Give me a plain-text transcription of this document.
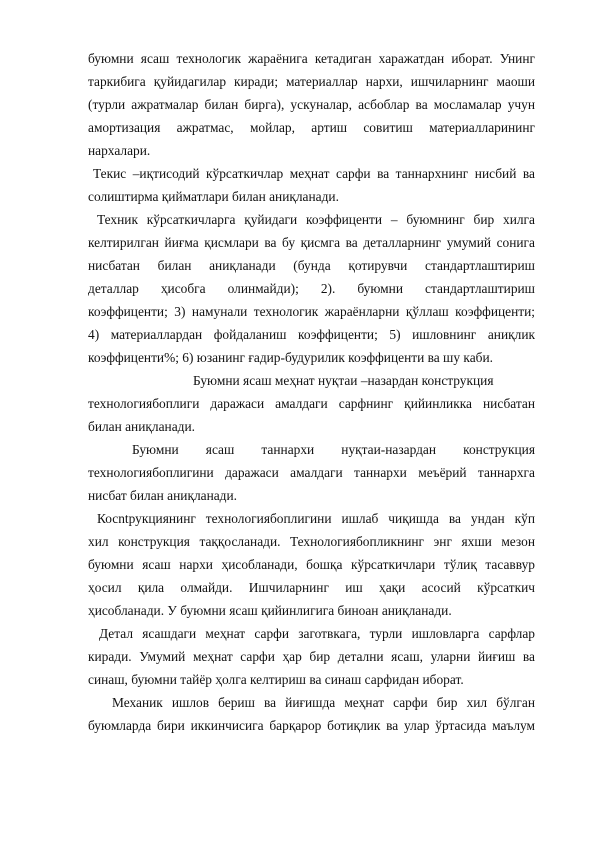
буюмни ясаш технологик жараёнига кетадиган харажатдан иборат. Унинг
таркибига қуйидагилар киради; материаллар нархи, ишчиларнинг маоши
(турли ажратмалар билан бирга), ускуналар, асбоблар ва мосламалар учун
амортизация ажратмас, мойлар, артиш совитиш материалларининг
нархалари.
Текис –иқтисодий кўрсаткичлар меҳнат сарфи ва таннархнинг нисбий ва
солиштирма қийматлари билан аниқланади.
Техник кўрсаткичларга қуйидаги коэффиценти – буюмнинг бир хилга
келтирилган йиғма қисмлари ва бу қисмга ва деталларнинг умумий сонига
нисбатан билан аниқланади (бунда қотирувчи стандартлаштириш
деталлар ҳисобга олинмайди); 2). буюмни стандартлаштириш
коэффиценти; 3) намунали технологик жараёнларни қўллаш коэффиценти;
4) материаллардан фойдаланиш коэффиценти; 5) ишловнинг аниқлик
коэффиценти%; 6) юзанинг ғадир-будурилик коэффиценти ва шу каби.
Буюмни ясаш меҳнат нуқтаи –назардан конструкция
технологиябоплиги даражаси амалдаги сарфнинг қийинликка нисбатан
билан аниқланади.
Буюмни ясаш таннархи нуқтаи-назардан конструкция
технологиябоплигини даражаси амалдаги таннархи меъёрий таннархга
нисбат билан аниқланади.
Косntрукциянинг технологиябоплигини ишлаб чиқишда ва ундан кўп
хил конструкция таққосланади. Технологиябопликнинг энг яхши мезон
буюмни ясаш нархи ҳисобланади, бошқа кўрсаткичлари тўлиқ тасаввур
ҳосил қила олмайди. Ишчиларнинг иш ҳақи асосий кўрсаткич
ҳисобланади. У буюмни ясаш қийинлигига биноан аниқланади.
Детал ясашдаги меҳнат сарфи заготвкага, турли ишловларга сарфлар
киради. Умумий меҳнат сарфи ҳар бир детални ясаш, уларни йиғиш ва
синаш, буюмни тайёр ҳолга келтириш ва синаш сарфидан иборат.
Механик ишлов бериш ва йиғишда меҳнат сарфи бир хил бўлган
буюмларда бири иккинчисига барқарор ботиқлик ва улар ўртасида маълум
